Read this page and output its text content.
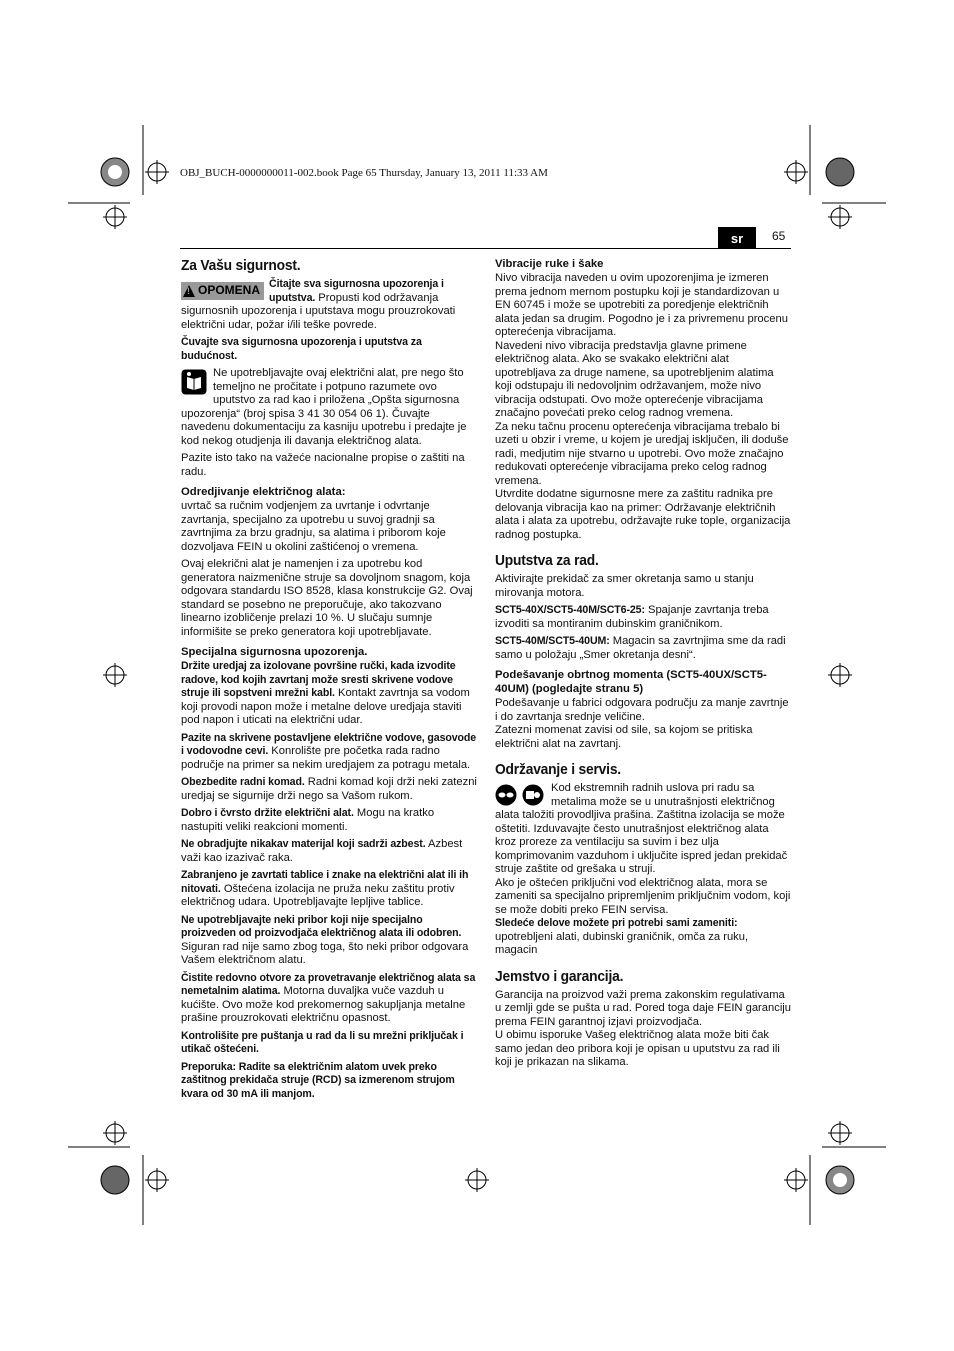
OBJ_BUCH-0000000011-002.book Page 65 Thursday, January 13, 2011 11:33 AM
sr	65
Za Vašu sigurnost.

! OPOMENA Čitajte sva sigurnosna upozorenja i uputstva. Propusti kod održavanja sigurnosnih upozorenja i uputstava mogu prouzrokovati električni udar, požar i/ili teške povrede.

Čuvajte sva sigurnosna upozorenja i uputstva za budućnost.

Ne upotrebljavajte ovaj električni alat, pre nego što temeljno ne pročitate i potpuno razumete ovo uputstvo za rad kao i priložena „Opšta sigurnosna upozorenja“ (broj spisa 3 41 30 054 06 1). Čuvajte navedenu dokumentaciju za kasniju upotrebu i predajte je kod nekog otudjenja ili davanja električnog alata.

Pazite isto tako na važeće nacionalne propise o zaštiti na radu.

Odredjivanje električnog alata:

uvrtač sa ručnim vodjenjem za uvrtanje i odvrtanje zavrtanja, specijalno za upotrebu u suvoj gradnji sa zavrtnjima za brzu gradnju, sa alatima i priborom koje dozvoljava FEIN u okolini zaštićenoj o vremena.

Ovaj elekrični alat je namenjen i za upotrebu kod generatora naizmenične struje sa dovoljnom snagom, koja odgovara standardu ISO 8528, klasa konstrukcije G2. Ovaj standard se posebno ne preporučuje, ako takozvano linearno izobličenje prelazi 10 %. U slučaju sumnje informišite se preko generatora koji upotrebljavate.

Specijalna sigurnosna upozorenja.

Držite uredjaj za izolovane površine ručki, kada izvodite radove, kod kojih zavrtanj može sresti skrivene vodove struje ili sopstveni mrežni kabl. Kontakt zavrtnja sa vodom koji provodi napon može i metalne delove uredjaja staviti pod napon i uticati na električni udar.

Pazite na skrivene postavljene električne vodove, gasovode i vodovodne cevi. Konrolište pre početka rada radno područje na primer sa nekim uredjajem za potragu metala.

Obezbedite radni komad. Radni komad koji drži neki zatezni uredjaj se sigurnije drži nego sa Vašom rukom.

Dobro i čvrsto držite električni alat. Mogu na kratko nastupiti veliki reakcioni momenti.

Ne obradjujte nikakav materijal koji sadrži azbest. Azbest važi kao izazivač raka.

Zabranjeno je zavrtati tablice i znake na električni alat ili ih nitovati. Oštećena izolacija ne pruža neku zaštitu protiv električnog udara. Upotrebljavajte lepljive tablice.

Ne upotrebljavajte neki pribor koji nije specijalno proizveden od proizvodjača električnog alata ili odobren. Siguran rad nije samo zbog toga, što neki pribor odgovara Vašem električnom alatu.

Čistite redovno otvore za provetravanje električnog alata sa nemetalnim alatima. Motorna duvaljka vuče vazduh u kućište. Ovo može kod prekomernog sakupljanja metalne prašine prouzrokovati električnu opasnost.

Kontrolišite pre puštanja u rad da li su mrežni priključak i utikač oštećeni.

Preporuka: Radite sa električnim alatom uvek preko zaštitnog prekidača struje (RCD) sa izmerenom strujom kvara od 30 mA ili manjom.

Vibracije ruke i šake

Nivo vibracija naveden u ovim upozorenjima je izmeren prema jednom mernom postupku koji je standardizovan u EN 60745 i može se upotrebiti za poredjenje električnih alata jedan sa drugim. Pogodno je i za privremenu procenu opterećenja vibracijama.

Navedeni nivo vibracija predstavlja glavne primene električnog alata. Ako se svakako električni alat upotrebljava za druge namene, sa upotrebljenim alatima koji odstupaju ili nedovoljnim održavanjem, može nivo vibracija odstupati. Ovo može opterećenje vibracijama značajno povećati preko celog radnog vremena.

Za neku tačnu procenu opterećenja vibracijama trebalo bi uzeti u obzir i vreme, u kojem je uredjaj isključen, ili doduše radi, medjutim nije stvarno u upotrebi. Ovo može značajno redukovati opterećenje vibracijama preko celog radnog vremena.

Utvrdite dodatne sigurnosne mere za zaštitu radnika pre delovanja vibracija kao na primer: Održavanje električnih alata i alata za upotrebu, održavajte ruke tople, organizacija radnog postupka.

Uputstva za rad.

Aktivirajte prekidač za smer okretanja samo u stanju mirovanja motora.

SCT5-40X/SCT5-40M/SCT6-25: Spajanje zavrtanja treba izvoditi sa montiranim dubinskim graničnikom.

SCT5-40M/SCT5-40UM: Magacin sa zavrtnjima sme da radi samo u položaju „Smer okretanja desni“.

Podešavanje obrtnog momenta (SCT5-40UX/SCT5-40UM) (pogledajte stranu 5)

Podešavanje u fabrici odgovara području za manje zavrtnje i do zavrtanja srednje veličine.

Zatezni momenat zavisi od sile, sa kojom se pritiska električni alat na zavrtanj.

Održavanje i servis.

Kod ekstremnih radnih uslova pri radu sa metalima može se u unutrašnjosti električnog alata taložiti provodljiva prašina. Zaštitna izolacija se može oštetiti. Izduvavajte često unutrašnjost električnog alata kroz proreze za ventilaciju sa suvim i bez ulja komprimovanim vazduhom i uključite ispred jedan prekidač struje zaštite od grešaka u struji.

Ako je oštećen priključni vod električnog alata, mora se zameniti sa specijalno pripremljenim priključnim vodom, koji se može dobiti preko FEIN servisa.

Sledeće delove možete pri potrebi sami zameniti: upotrebljeni alati, dubinski graničnik, omča za ruku, magacin

Jemstvo i garancija.

Garancija na proizvod važi prema zakonskim regulativama u zemlji gde se pušta u rad. Pored toga daje FEIN garanciju prema FEIN garantnoj izjavi proizvodjača.

U obimu isporuke Vašeg električnog alata može biti čak samo jedan deo pribora koji je opisan u uputstvu za rad ili koji je prikazan na slikama.
